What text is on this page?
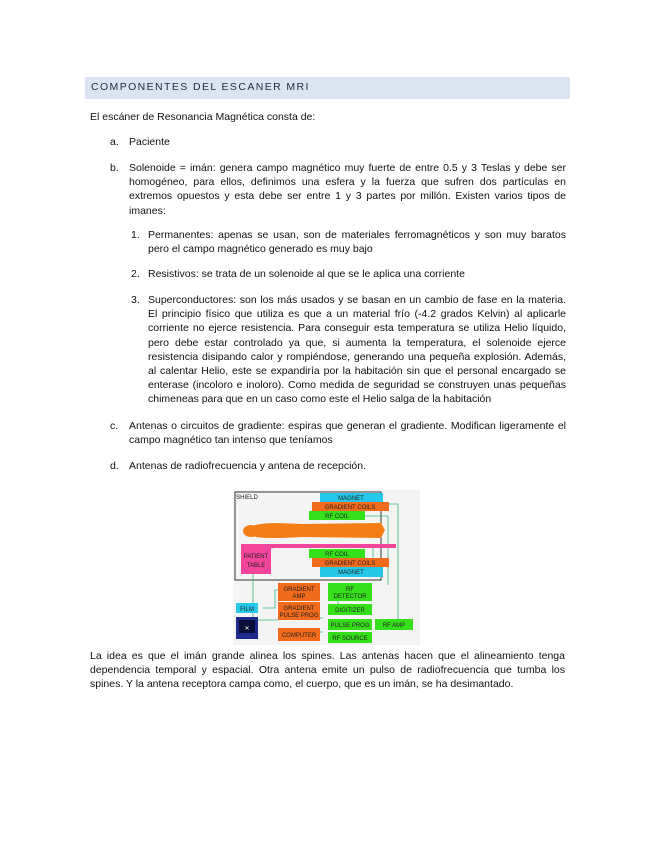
COMPONENTES DEL ESCANER MRI
El escáner de Resonancia Magnética consta de:
a. Paciente
b. Solenoide = imán: genera campo magnético muy fuerte de entre 0.5 y 3 Teslas y debe ser homogéneo, para ellos, definimos una esfera y la fuerza que sufren dos partículas en extremos opuestos y esta debe ser entre 1 y 3 partes por millón. Existen varios tipos de imanes:
1. Permanentes: apenas se usan, son de materiales ferromagnéticos y son muy baratos pero el campo magnético generado es muy bajo
2. Resistivos: se trata de un solenoide al que se le aplica una corriente
3. Superconductores: son los más usados y se basan en un cambio de fase en la materia. El principio físico que utiliza es que a un material frío (-4.2 grados Kelvin) al aplicarle corriente no ejerce resistencia. Para conseguir esta temperatura se utiliza Helio líquido, pero debe estar controlado ya que, si aumenta la temperatura, el solenoide ejerce resistencia disipando calor y rompiéndose, generando una pequeña explosión. Además, al calentar Helio, este se expandiría por la habitación sin que el personal encargado se enterase (incoloro e inoloro). Como medida de seguridad se construyen unas pequeñas chimeneas para que en un caso como este el Helio salga de la habitación
c. Antenas o circuitos de gradiente: espiras que generan el gradiente. Modifican ligeramente el campo magnético tan intenso que teníamos
d. Antenas de radiofrecuencia y antena de recepción.
SHIELD	MAGNET
GRADIENT COILS
RF COIL
PATIENT
TABLE
RF COIL
GRADIENT COILS
MAGNET
GRADIENT
AMP
RF
DETECTOR
GRADIENT
PULSE PROG
DIGITIZER
FILM
✕	PULSE PROG RF AMP
COMPUTER	RF SOURCE
La idea es que el imán grande alinea los spines. Las antenas hacen que el alineamiento tenga dependencia temporal y espacial. Otra antena emite un pulso de radiofrecuencia que tumba los spines. Y la antena receptora campa como, el cuerpo, que es un imán, se ha desimantado.
